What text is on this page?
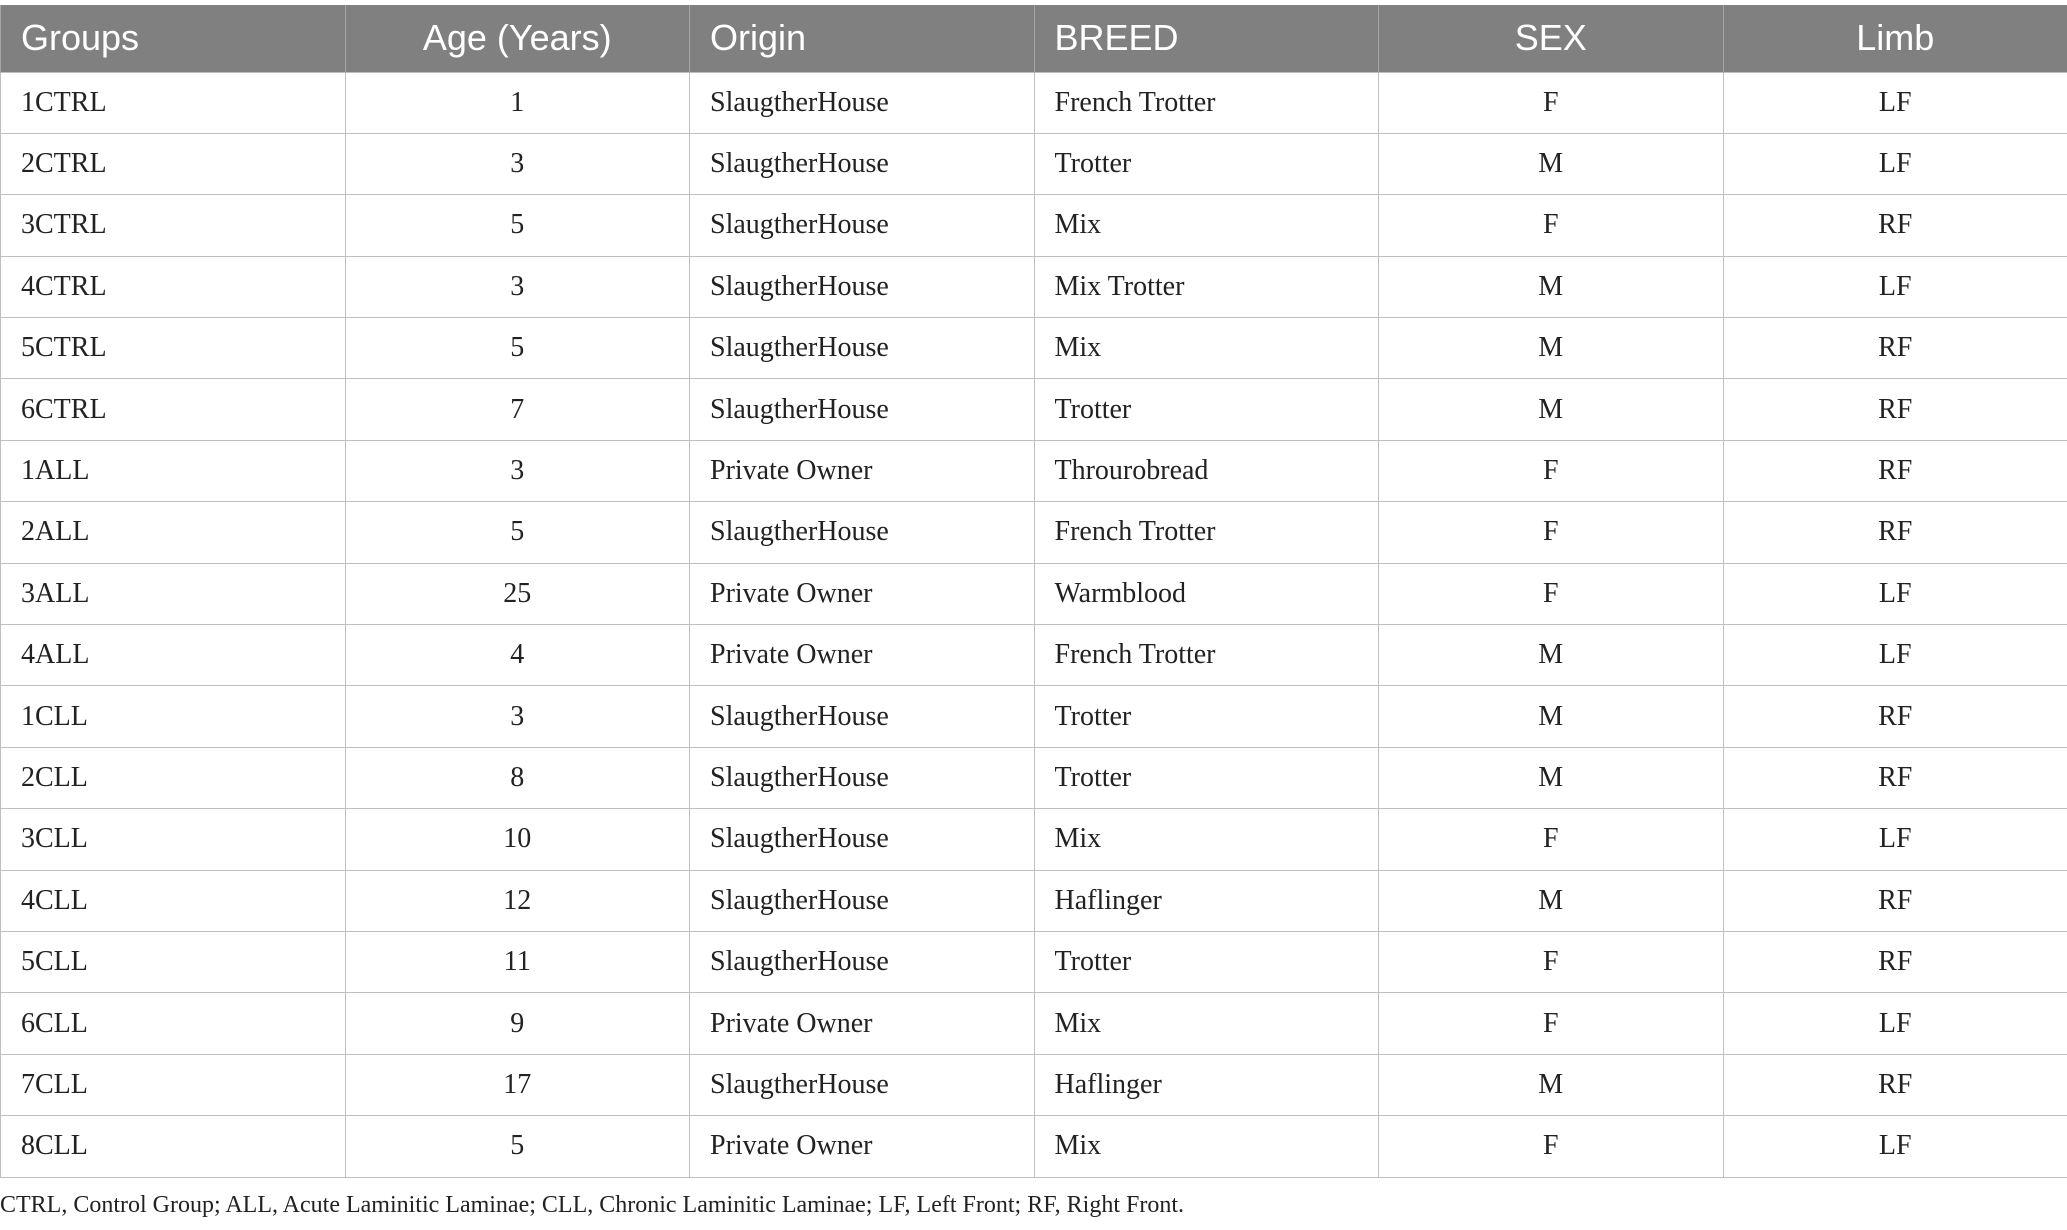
Groups	Age (Years)	Origin	BREED	SEX	Limb
1CTRL	1	SlaugtherHouse	French Trotter	F	LF
2CTRL	3	SlaugtherHouse	Trotter	M	LF
3CTRL	5	SlaugtherHouse	Mix	F	RF
4CTRL	3	SlaugtherHouse	Mix Trotter	M	LF
5CTRL	5	SlaugtherHouse	Mix	M	RF
6CTRL	7	SlaugtherHouse	Trotter	M	RF
1ALL	3	Private Owner	Throurobread	F	RF
2ALL	5	SlaugtherHouse	French Trotter	F	RF
3ALL	25	Private Owner	Warmblood	F	LF
4ALL	4	Private Owner	French Trotter	M	LF
1CLL	3	SlaugtherHouse	Trotter	M	RF
2CLL	8	SlaugtherHouse	Trotter	M	RF
3CLL	10	SlaugtherHouse	Mix	F	LF
4CLL	12	SlaugtherHouse	Haflinger	M	RF
5CLL	11	SlaugtherHouse	Trotter	F	RF
6CLL	9	Private Owner	Mix	F	LF
7CLL	17	SlaugtherHouse	Haflinger	M	RF
8CLL	5	Private Owner	Mix	F	LF
CTRL, Control Group; ALL, Acute Laminitic Laminae; CLL, Chronic Laminitic Laminae; LF, Left Front; RF, Right Front.
